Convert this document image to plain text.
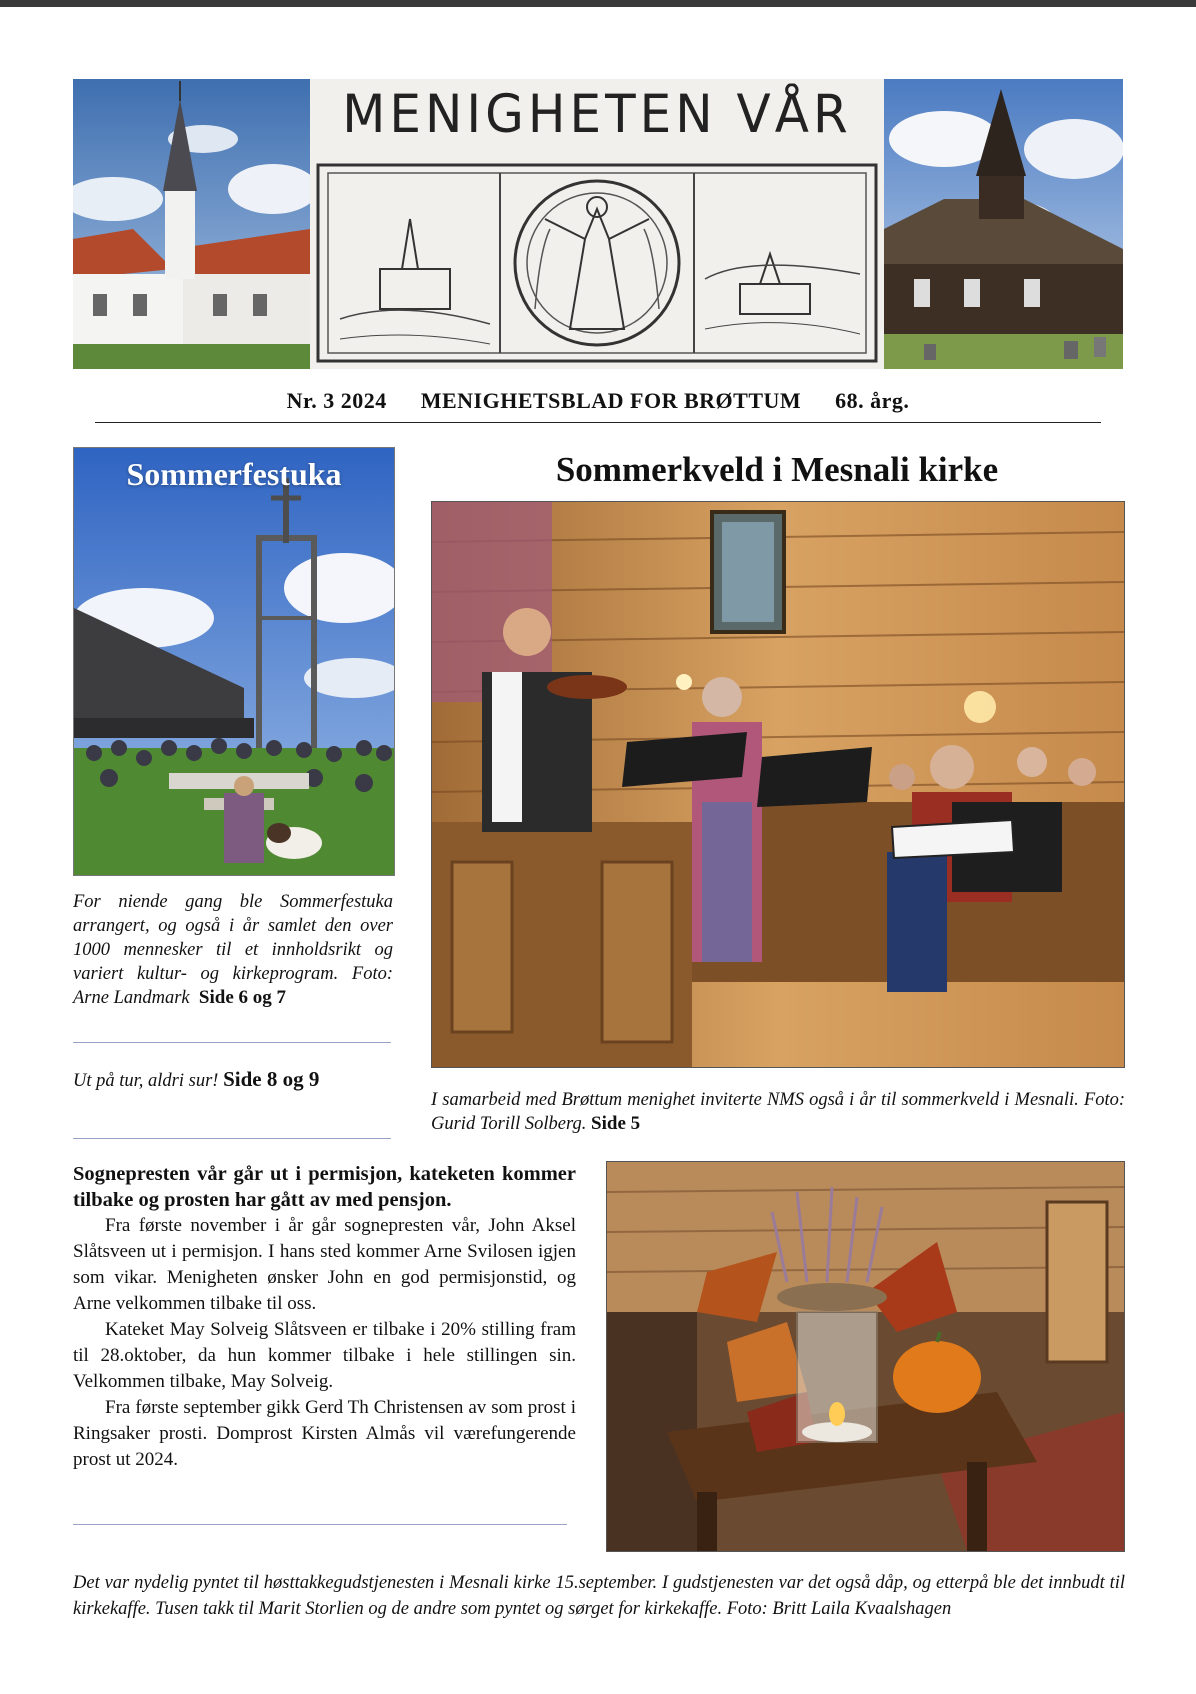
MENIGHETEN VÅR
Nr. 3 2024 MENIGHETSBLAD FOR BRØTTUM 68. årg.
Sommerfestuka
For niende gang ble Sommerfestuka arrangert, og også i år samlet den over 1000 mennesker til et innholdsrikt og variert kultur- og kirkeprogram. Foto: Arne Landmark Side 6 og 7
Ut på tur, aldri sur! Side 8 og 9
Sommerkveld i Mesnali kirke
I samarbeid med Brøttum menighet inviterte NMS også i år til sommerkveld i Mesnali. Foto: Gurid Torill Solberg. Side 5
Sognepresten vår går ut i permisjon, kateketen kommer tilbake og prosten har gått av med pensjon.

Fra første november i år går sognepresten vår, John Aksel Slåtsveen ut i permisjon. I hans sted kommer Arne Svilosen igjen som vikar. Menigheten ønsker John en god permisjonstid, og Arne velkommen tilbake til oss.

Kateket May Solveig Slåtsveen er tilbake i 20% stilling fram til 28.oktober, da hun kommer tilbake i hele stillingen sin. Velkommen tilbake, May Solveig.

Fra første september gikk Gerd Th Christensen av som prost i Ringsaker prosti. Domprost Kirsten Almås vil værefungerende prost ut 2024.

Det var nydelig pyntet til høsttakkegudstjenesten i Mesnali kirke 15.september. I gudstjenesten var det også dåp, og etterpå ble det innbudt til kirkekaffe. Tusen takk til Marit Storlien og de andre som pyntet og sørget for kirkekaffe. Foto: Britt Laila Kvaalshagen
